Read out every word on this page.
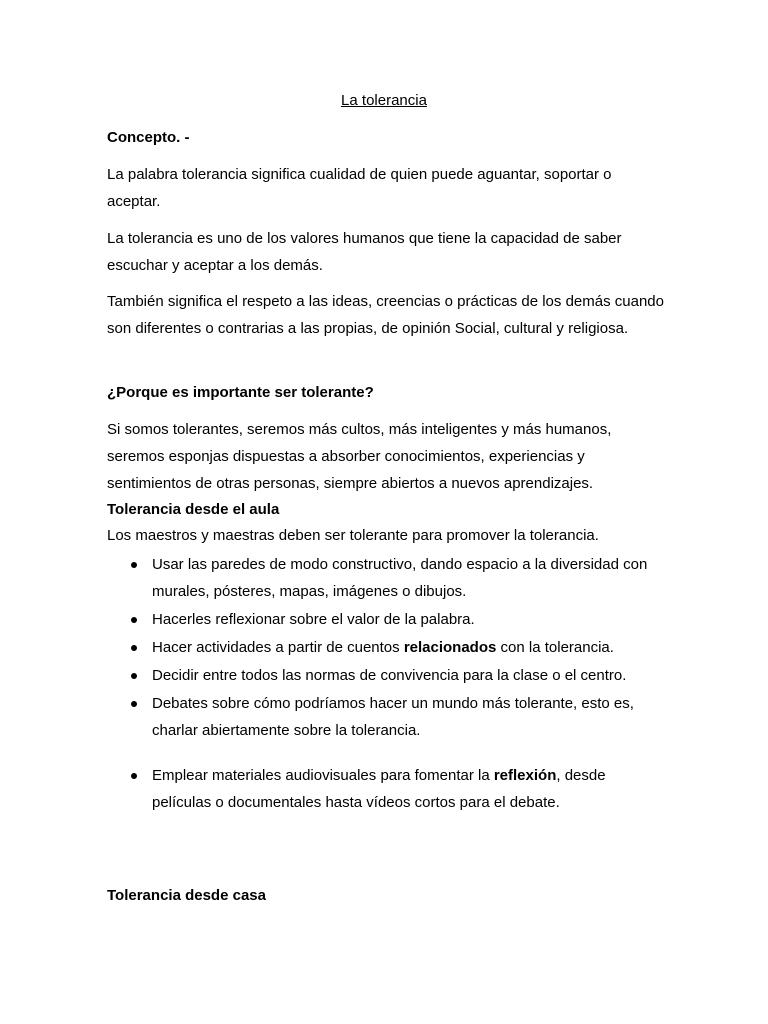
La tolerancia
Concepto. -
La palabra tolerancia significa cualidad de quien puede aguantar, soportar o aceptar.
La tolerancia es uno de los valores humanos que tiene la capacidad de saber escuchar y aceptar a los demás.
También significa el respeto a las ideas, creencias o prácticas de los demás cuando son diferentes o contrarias a las propias, de opinión Social, cultural y religiosa.
¿Porque es importante ser tolerante?
Si somos tolerantes, seremos más cultos, más inteligentes y más humanos, seremos esponjas dispuestas a absorber conocimientos, experiencias y sentimientos de otras personas, siempre abiertos a nuevos aprendizajes.
Tolerancia desde el aula
Los maestros y maestras deben ser tolerante para promover la tolerancia.
Usar las paredes de modo constructivo, dando espacio a la diversidad con murales, pósteres, mapas, imágenes o dibujos.
Hacerles reflexionar sobre el valor de la palabra.
Hacer actividades a partir de cuentos relacionados con la tolerancia.
Decidir entre todos las normas de convivencia para la clase o el centro.
Debates sobre cómo podríamos hacer un mundo más tolerante, esto es, charlar abiertamente sobre la tolerancia.
Emplear materiales audiovisuales para fomentar la reflexión, desde películas o documentales hasta vídeos cortos para el debate.
Tolerancia desde casa
